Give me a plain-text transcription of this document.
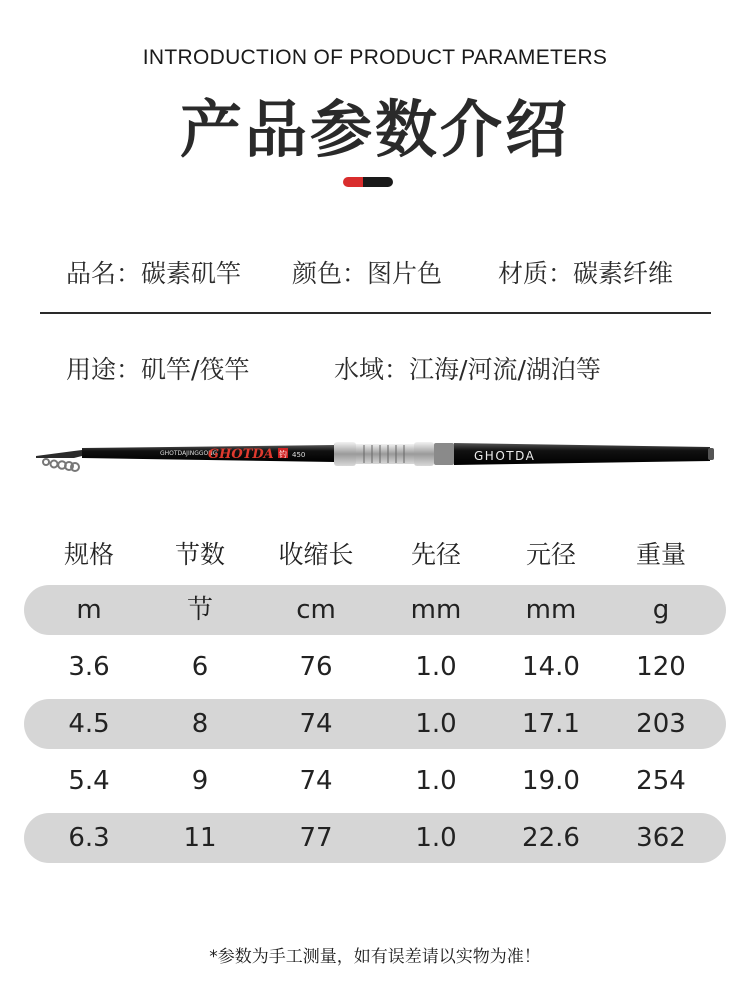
INTRODUCTION OF PRODUCT PARAMETERS
产品参数介绍
品名：碳素矶竿 颜色：图片色 材质：碳素纤维
用途：矶竿/筏竿	水域：江海/河流/湖泊等
GHOTDAJINGGONG
GHOTDA 钓 450	GHOTDA
规格	节数	收缩长	先径	元径	重量
m	节	cm	mm	mm	g
3.6	6	76	1.0	14.0	120
4.5	8	74	1.0	17.1	203
5.4	9	74	1.0	19.0	254
6.3	11	77	1.0	22.6	362
*参数为手工测量，如有误差请以实物为准！
